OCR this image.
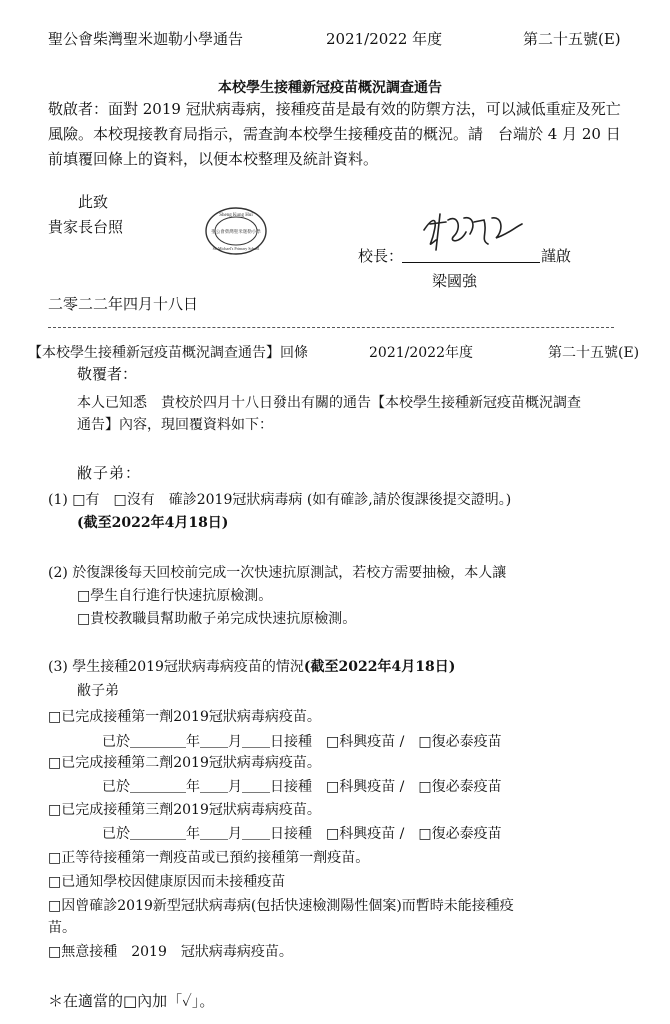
聖公會柴灣聖米迦勒小學通告	2021/2022 年度	第二十五號(E)
本校學生接種新冠疫苗概況調查通告
敬啟者：面對 2019 冠狀病毒病，接種疫苗是最有效的防禦方法，可以減低重症及死亡
風險。本校現接教育局指示，需查詢本校學生接種疫苗的概況。請　台端於 4 月 20 日
前填覆回條上的資料，以便本校整理及統計資料。
此致
貴家長台照
Sheng Kung Hui
St. Michael's Primary School
聖公會柴灣聖米迦勒小學
校長：	謹啟
梁國強
二零二二年四月十八日
【本校學生接種新冠疫苗概況調查通告】回條	2021/2022年度	第二十五號(E)
敬覆者：
本人已知悉　貴校於四月十八日發出有關的通告【本校學生接種新冠疫苗概況調查
通告】內容，現回覆資料如下：
敝子弟：
(1) □有　□沒有　確診2019冠狀病毒病 (如有確診,請於復課後提交證明。)
(截至2022年4月18日)
(2) 於復課後每天回校前完成一次快速抗原測試，若校方需要抽檢，本人讓
□學生自行進行快速抗原檢測。
□貴校教職員幫助敝子弟完成快速抗原檢測。
(3) 學生接種2019冠狀病毒病疫苗的情況(截至2022年4月18日)
敝子弟
□已完成接種第一劑2019冠狀病毒病疫苗。
已於＿＿＿＿年＿＿月＿＿日接種　□科興疫苗 /　□復必泰疫苗
□已完成接種第二劑2019冠狀病毒病疫苗。
已於＿＿＿＿年＿＿月＿＿日接種　□科興疫苗 /　□復必泰疫苗
□已完成接種第三劑2019冠狀病毒病疫苗。
已於＿＿＿＿年＿＿月＿＿日接種　□科興疫苗 /　□復必泰疫苗
□正等待接種第一劑疫苗或已預約接種第一劑疫苗。
□已通知學校因健康原因而未接種疫苗
□因曾確診2019新型冠狀病毒病(包括快速檢測陽性個案)而暫時未能接種疫
苗。
□無意接種　2019　冠狀病毒病疫苗。
＊在適當的□內加「✓」。
